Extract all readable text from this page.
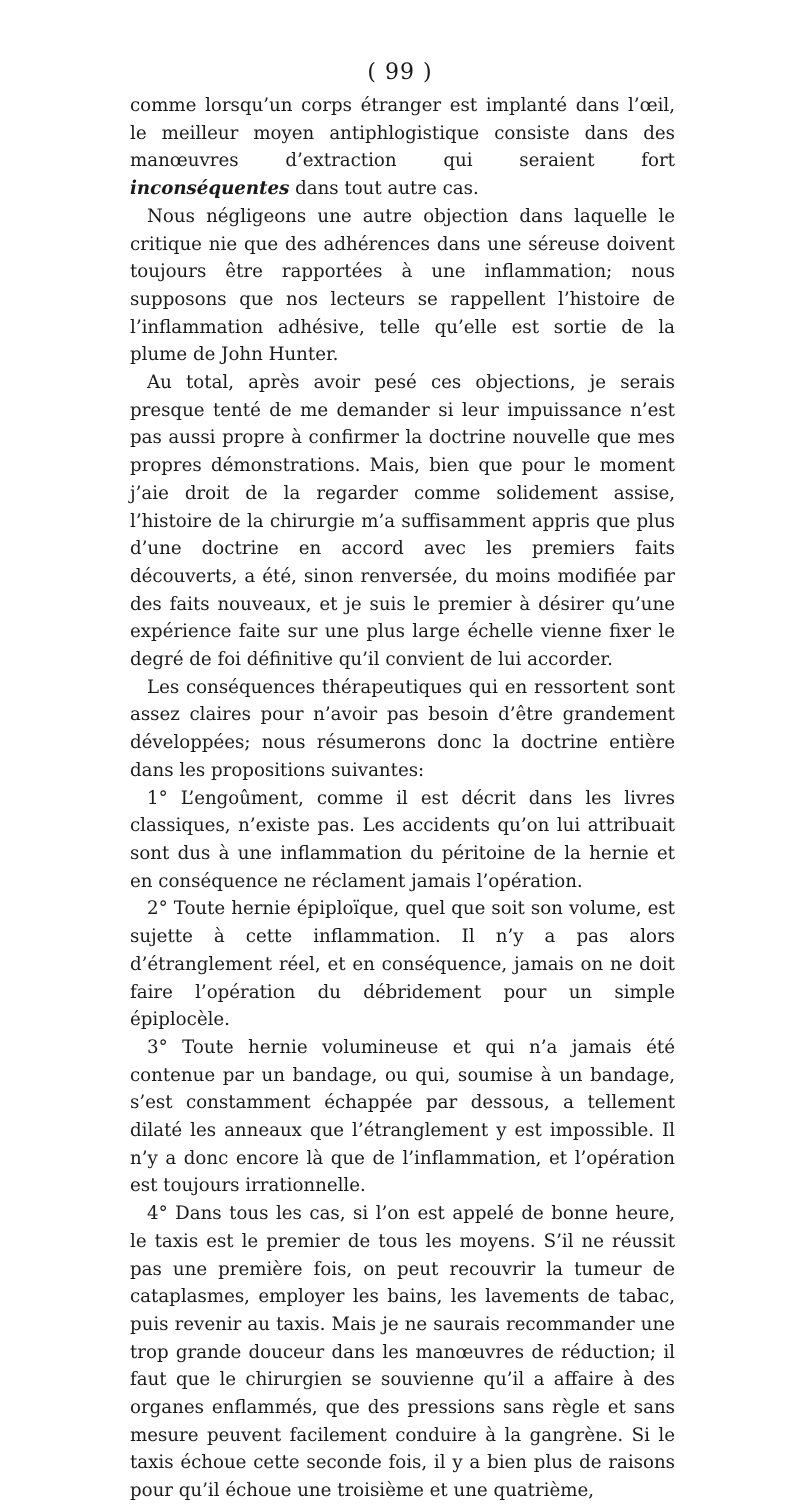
( 99 )

comme lorsqu’un corps étranger est implanté dans l’œil, le meilleur moyen antiphlogistique consiste dans des manœuvres d’extraction qui seraient fort inconséquentes dans tout autre cas.

Nous négligeons une autre objection dans laquelle le critique nie que des adhérences dans une séreuse doivent toujours être rapportées à une inflammation; nous supposons que nos lecteurs se rappellent l’histoire de l’inflammation adhésive, telle qu’elle est sortie de la plume de John Hunter.

Au total, après avoir pesé ces objections, je serais presque tenté de me demander si leur impuissance n’est pas aussi propre à confirmer la doctrine nouvelle que mes propres démonstrations. Mais, bien que pour le moment j’aie droit de la regarder comme solidement assise, l’histoire de la chirurgie m’a suffisamment appris que plus d’une doctrine en accord avec les premiers faits découverts, a été, sinon renversée, du moins modifiée par des faits nouveaux, et je suis le premier à désirer qu’une expérience faite sur une plus large échelle vienne fixer le degré de foi définitive qu’il convient de lui accorder.

Les conséquences thérapeutiques qui en ressortent sont assez claires pour n’avoir pas besoin d’être grandement développées; nous résumerons donc la doctrine entière dans les propositions suivantes:

1° L’engoûment, comme il est décrit dans les livres classiques, n’existe pas. Les accidents qu’on lui attribuait sont dus à une inflammation du péritoine de la hernie et en conséquence ne réclament jamais l’opération.

2° Toute hernie épiploïque, quel que soit son volume, est sujette à cette inflammation. Il n’y a pas alors d’étranglement réel, et en conséquence, jamais on ne doit faire l’opération du débridement pour un simple épiplocèle.

3° Toute hernie volumineuse et qui n’a jamais été contenue par un bandage, ou qui, soumise à un bandage, s’est constamment échappée par dessous, a tellement dilaté les anneaux que l’étranglement y est impossible. Il n’y a donc encore là que de l’inflammation, et l’opération est toujours irrationnelle.

4° Dans tous les cas, si l’on est appelé de bonne heure, le taxis est le premier de tous les moyens. S’il ne réussit pas une première fois, on peut recouvrir la tumeur de cataplasmes, employer les bains, les lavements de tabac, puis revenir au taxis. Mais je ne saurais recommander une trop grande douceur dans les manœuvres de réduction; il faut que le chirurgien se souvienne qu’il a affaire à des organes enflammés, que des pressions sans règle et sans mesure peuvent facilement conduire à la gangrène. Si le taxis échoue cette seconde fois, il y a bien plus de raisons pour qu’il échoue une troisième et une quatrième,
